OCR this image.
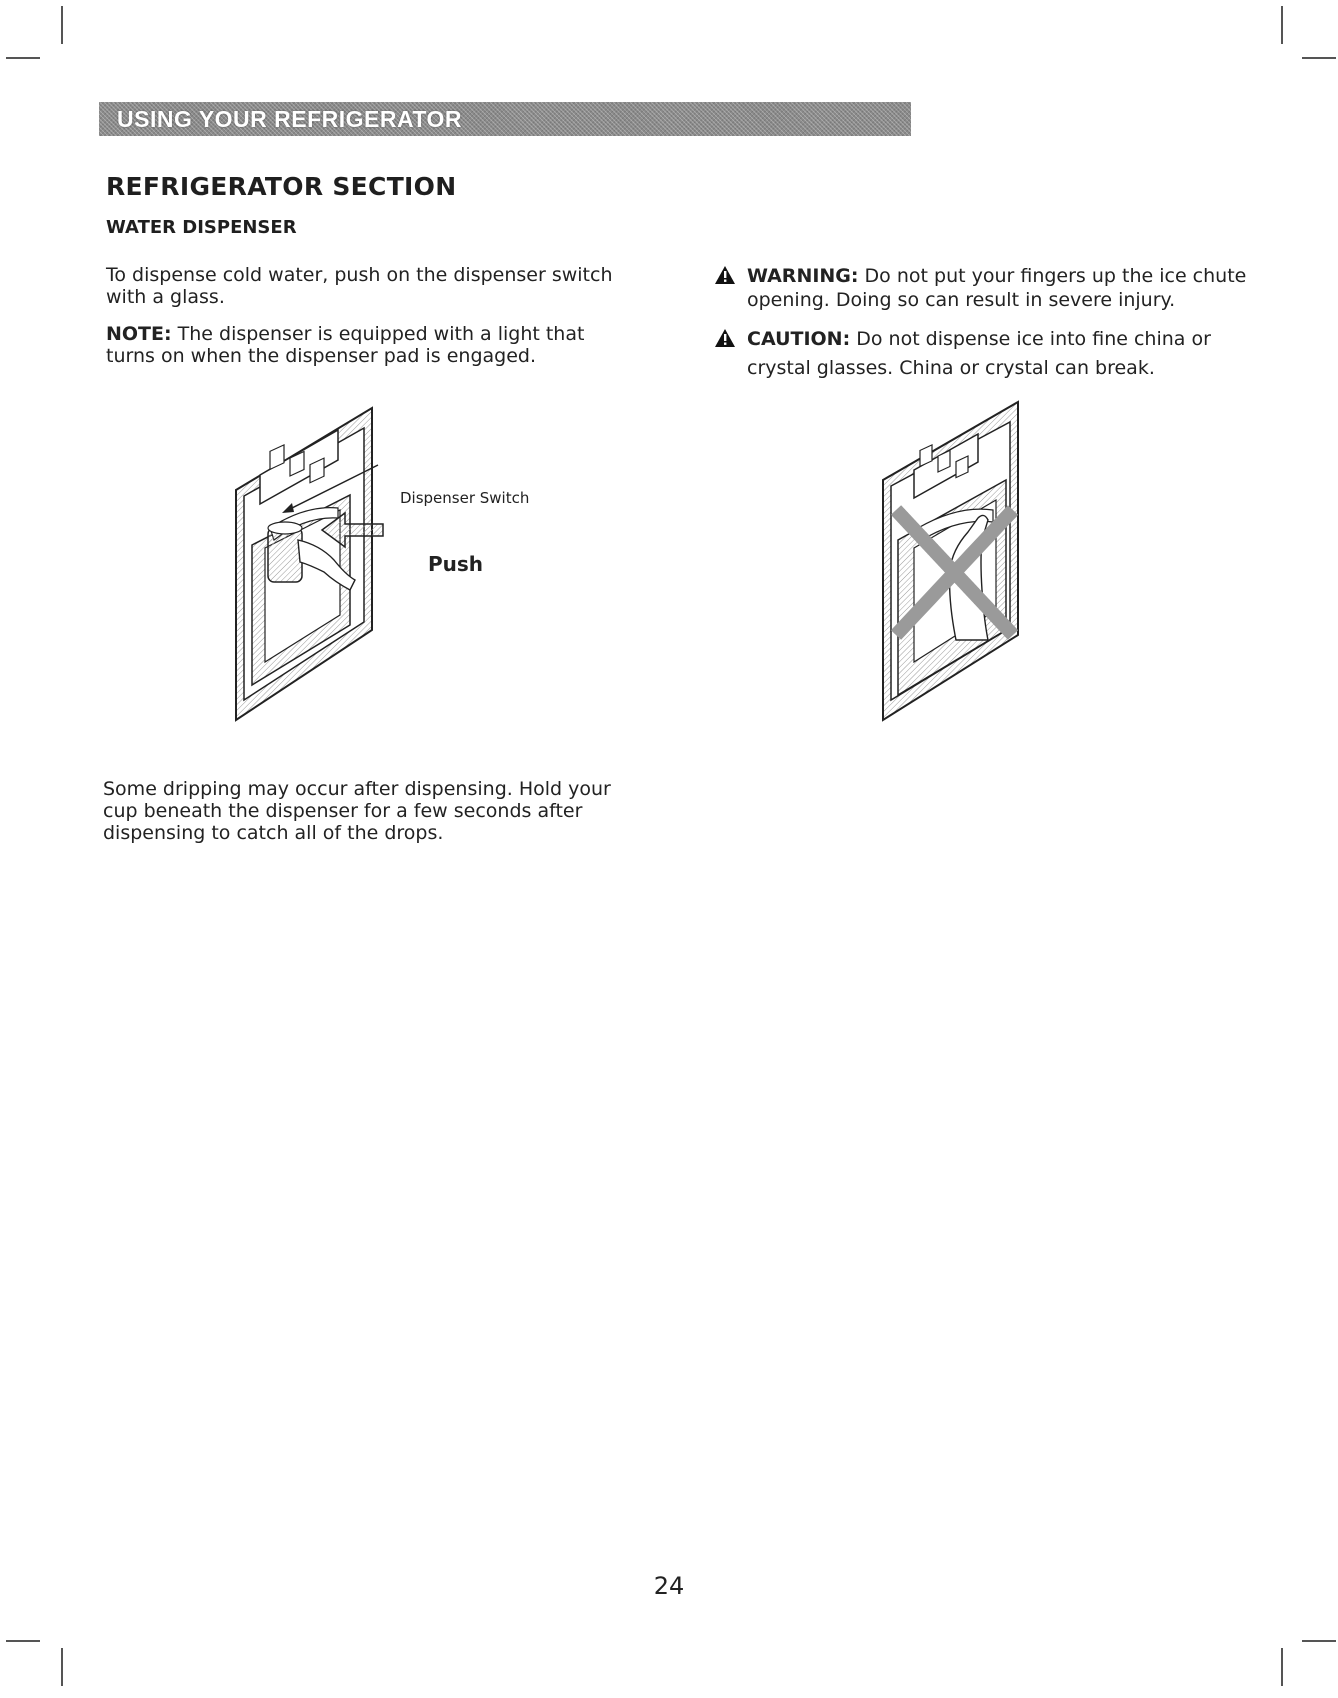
USING YOUR REFRIGERATOR
REFRIGERATOR SECTION
WATER DISPENSER
To dispense cold water, push on the dispenser switch
with a glass.
NOTE: The dispenser is equipped with a light that
turns on when the dispenser pad is engaged.
Dispenser Switch
Push
Some dripping may occur after dispensing. Hold your
cup beneath the dispenser for a few seconds after
dispensing to catch all of the drops.
WARNING: Do not put your fingers up the ice chute
opening. Doing so can result in severe injury.
CAUTION: Do not dispense ice into fine china or
crystal glasses. China or crystal can break.
24
